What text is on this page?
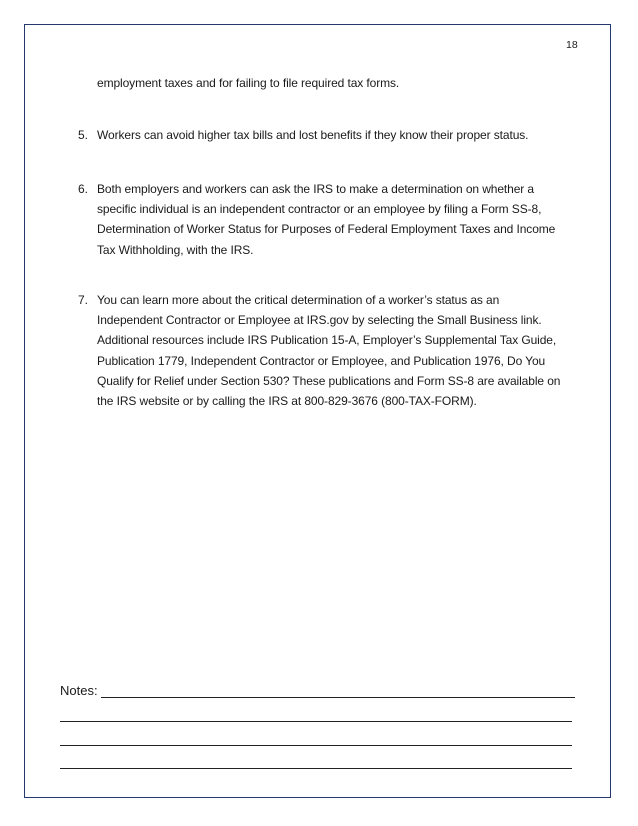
18
employment taxes and for failing to file required tax forms.
5. Workers can avoid higher tax bills and lost benefits if they know their proper status.
6. Both employers and workers can ask the IRS to make a determination on whether a
specific individual is an independent contractor or an employee by filing a Form SS-8,
Determination of Worker Status for Purposes of Federal Employment Taxes and Income
Tax Withholding, with the IRS.
7. You can learn more about the critical determination of a worker’s status as an
Independent Contractor or Employee at IRS.gov by selecting the Small Business link.
Additional resources include IRS Publication 15-A, Employer’s Supplemental Tax Guide,
Publication 1779, Independent Contractor or Employee, and Publication 1976, Do You
Qualify for Relief under Section 530? These publications and Form SS-8 are available on
the IRS website or by calling the IRS at 800-829-3676 (800-TAX-FORM).
Notes:
